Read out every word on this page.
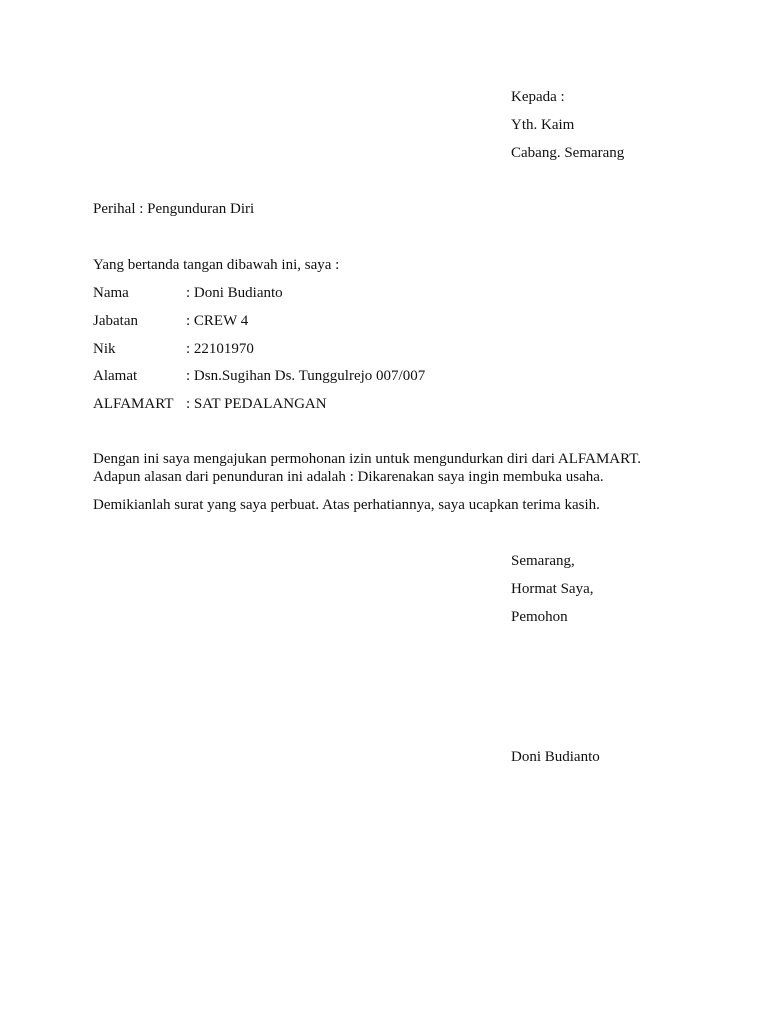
Kepada :
Yth. Kaim
Cabang. Semarang
Perihal : Pengunduran Diri
Yang bertanda tangan dibawah ini, saya :
Nama	: Doni Budianto
Jabatan	: CREW 4
Nik	: 22101970
Alamat	: Dsn.Sugihan Ds. Tunggulrejo 007/007
ALFAMART : SAT PEDALANGAN

Dengan ini saya mengajukan permohonan izin untuk mengundurkan diri dari ALFAMART.

Adapun alasan dari penunduran ini adalah : Dikarenakan saya ingin membuka usaha.

Demikianlah surat yang saya perbuat. Atas perhatiannya, saya ucapkan terima kasih.
Semarang,
Hormat Saya,
Pemohon
Doni Budianto
